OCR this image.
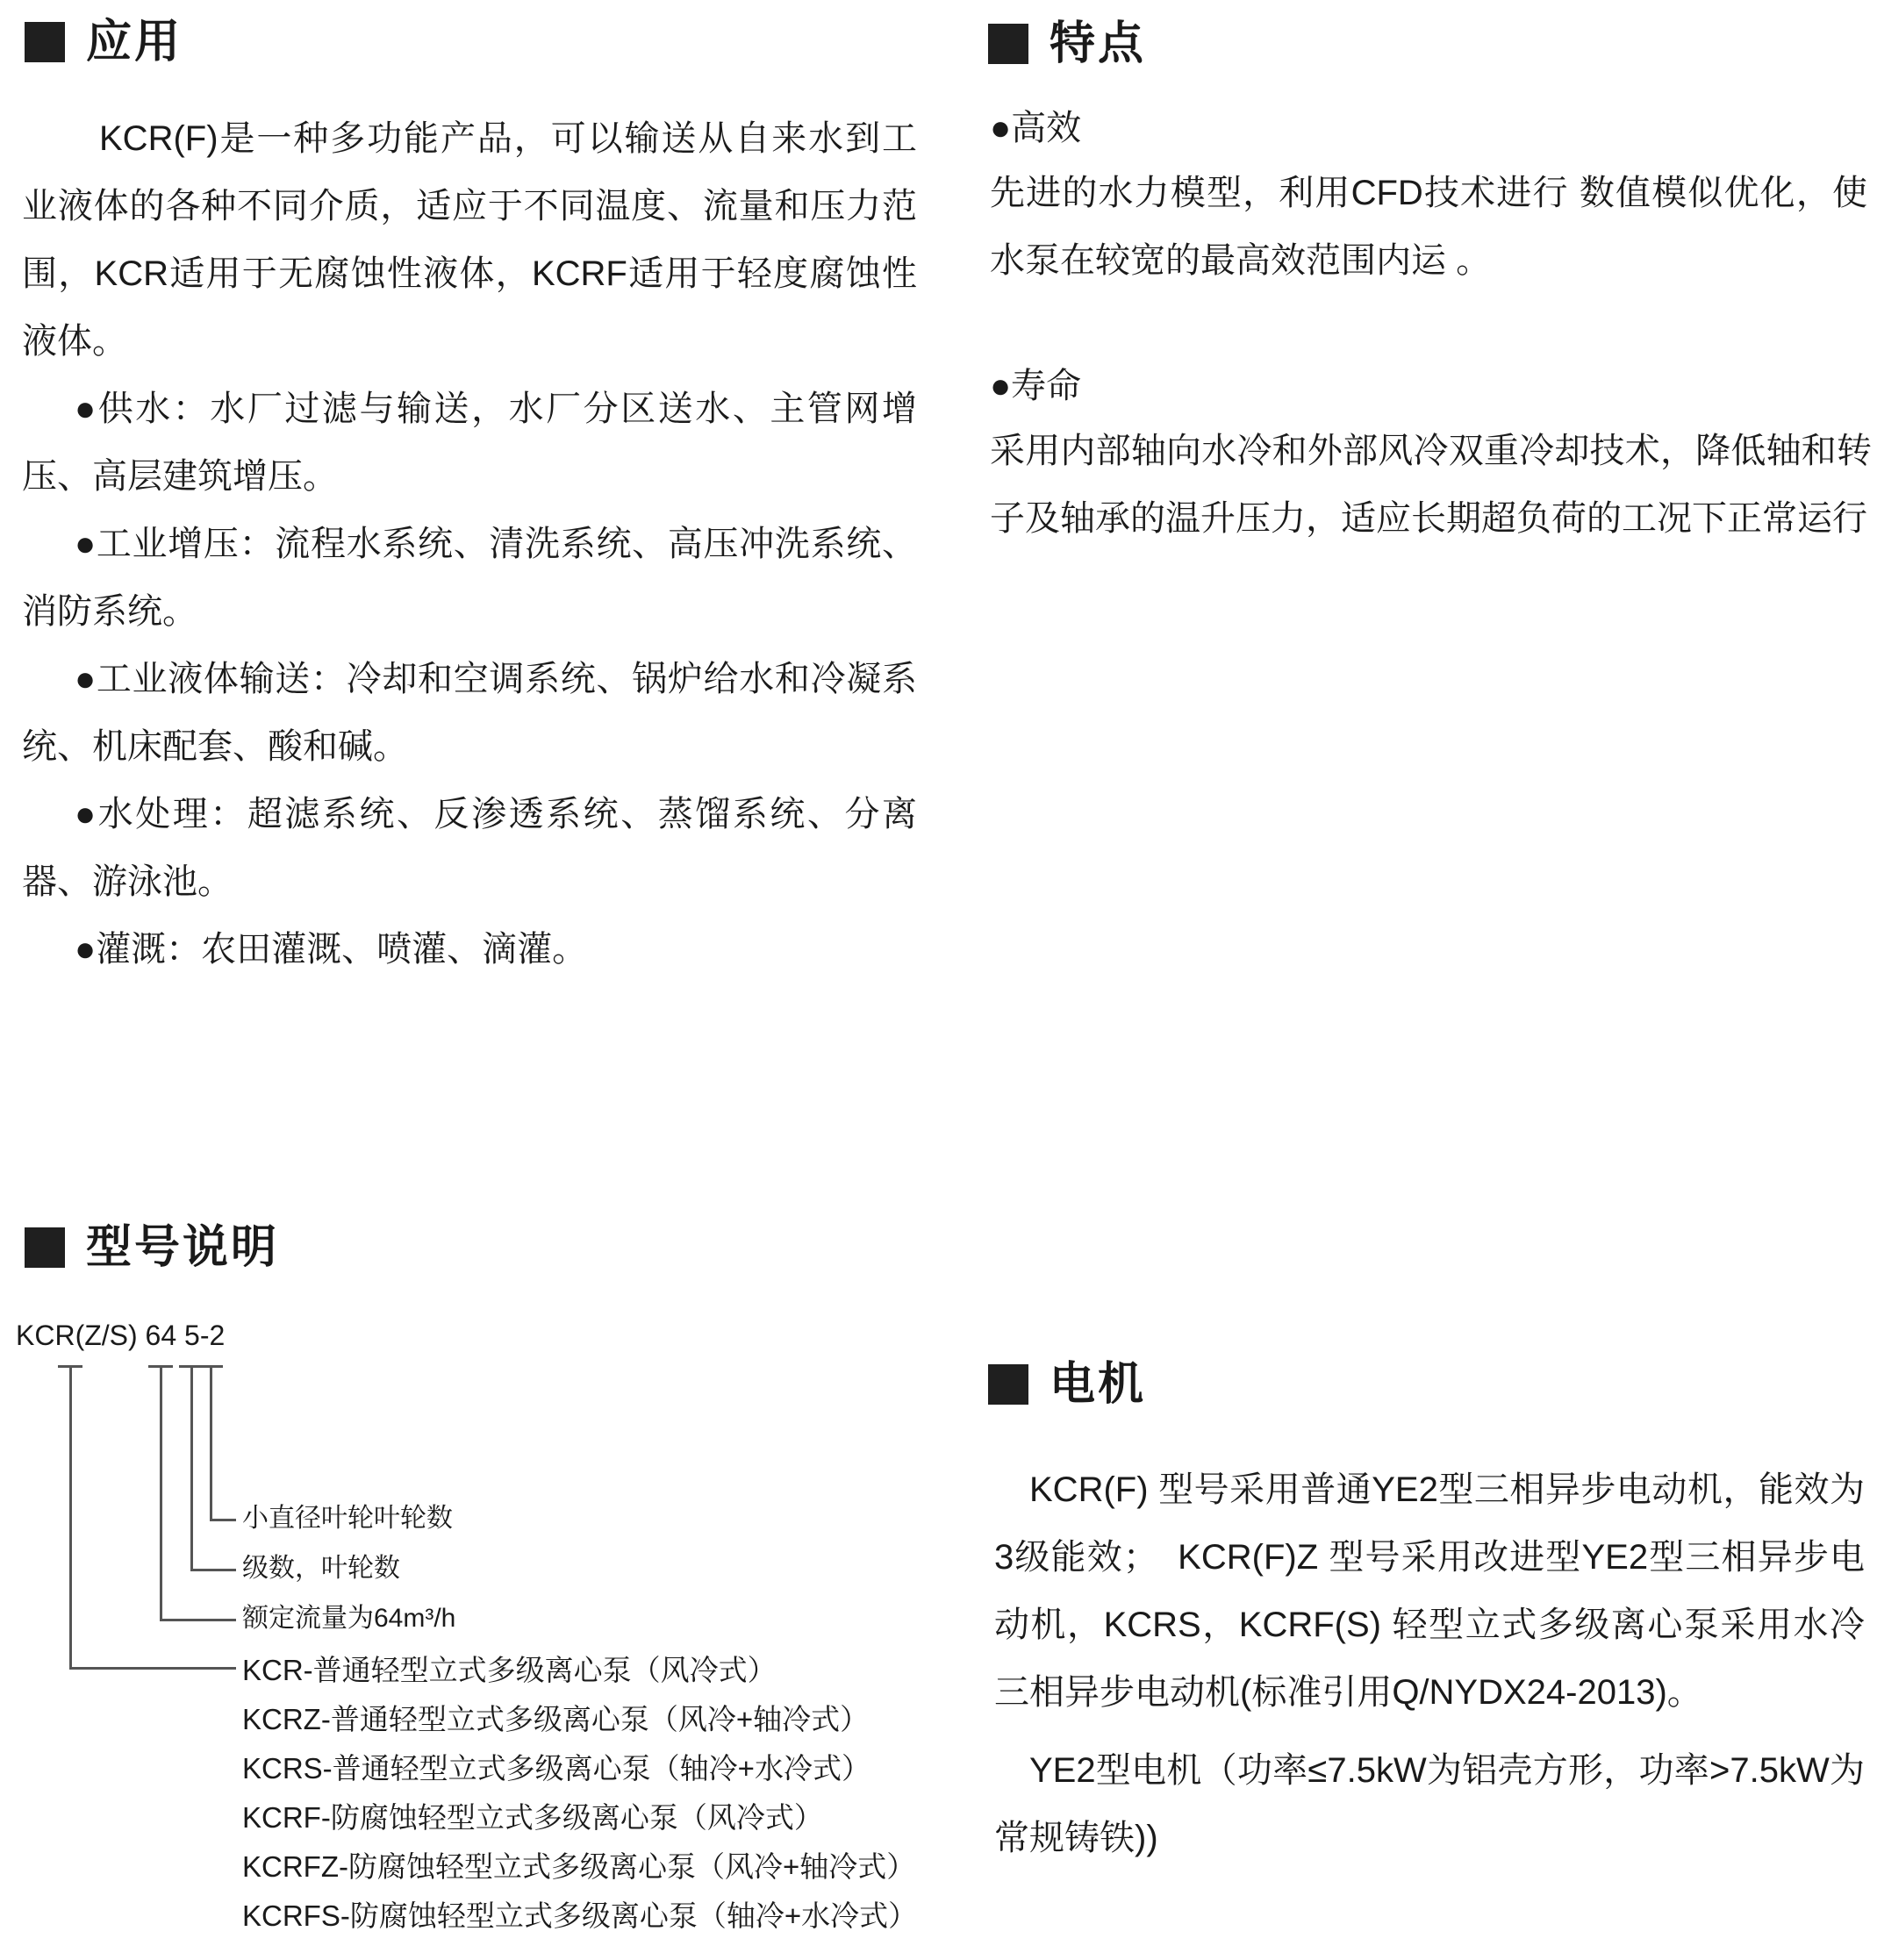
应用

KCR(F)是一种多功能产品，可以输送从自来水到工业液体的各种不同介质，适应于不同温度、流量和压力范围，KCR适用于无腐蚀性液体，KCRF适用于轻度腐蚀性液体。

●供水：水厂过滤与输送，水厂分区送水、主管网增压、高层建筑增压。

●工业增压：流程水系统、清洗系统、高压冲洗系统、消防系统。

●工业液体输送：冷却和空调系统、锅炉给水和冷凝系统、机床配套、酸和碱。

●水处理：超滤系统、反渗透系统、蒸馏系统、分离器、游泳池。

●灌溉：农田灌溉、喷灌、滴灌。

特点
●高效

先进的水力模型，利用CFD技术进行 数值模似优化，使水泵在较宽的最高效范围内运 。

●寿命

采用内部轴向水冷和外部风冷双重冷却技术，降低轴和转子及轴承的温升压力，适应长期超负荷的工况下正常运行

型号说明
KCR(Z/S) 64 5-2
小直径叶轮叶轮数
级数，叶轮数
额定流量为64m³/h
KCR-普通轻型立式多级离心泵（风冷式）
KCRZ-普通轻型立式多级离心泵（风冷+轴冷式）
KCRS-普通轻型立式多级离心泵（轴冷+水冷式）
KCRF-防腐蚀轻型立式多级离心泵（风冷式）
KCRFZ-防腐蚀轻型立式多级离心泵（风冷+轴冷式）
KCRFS-防腐蚀轻型立式多级离心泵（轴冷+水冷式）
电机

KCR(F) 型号采用普通YE2型三相异步电动机，能效为3级能效；　KCR(F)Z 型号采用改进型YE2型三相异步电动机，KCRS，KCRF(S) 轻型立式多级离心泵采用水冷三相异步电动机(标准引用Q/NYDX24-2013)。

YE2型电机（功率≤7.5kW为铝壳方形，功率>7.5kW为常规铸铁))
